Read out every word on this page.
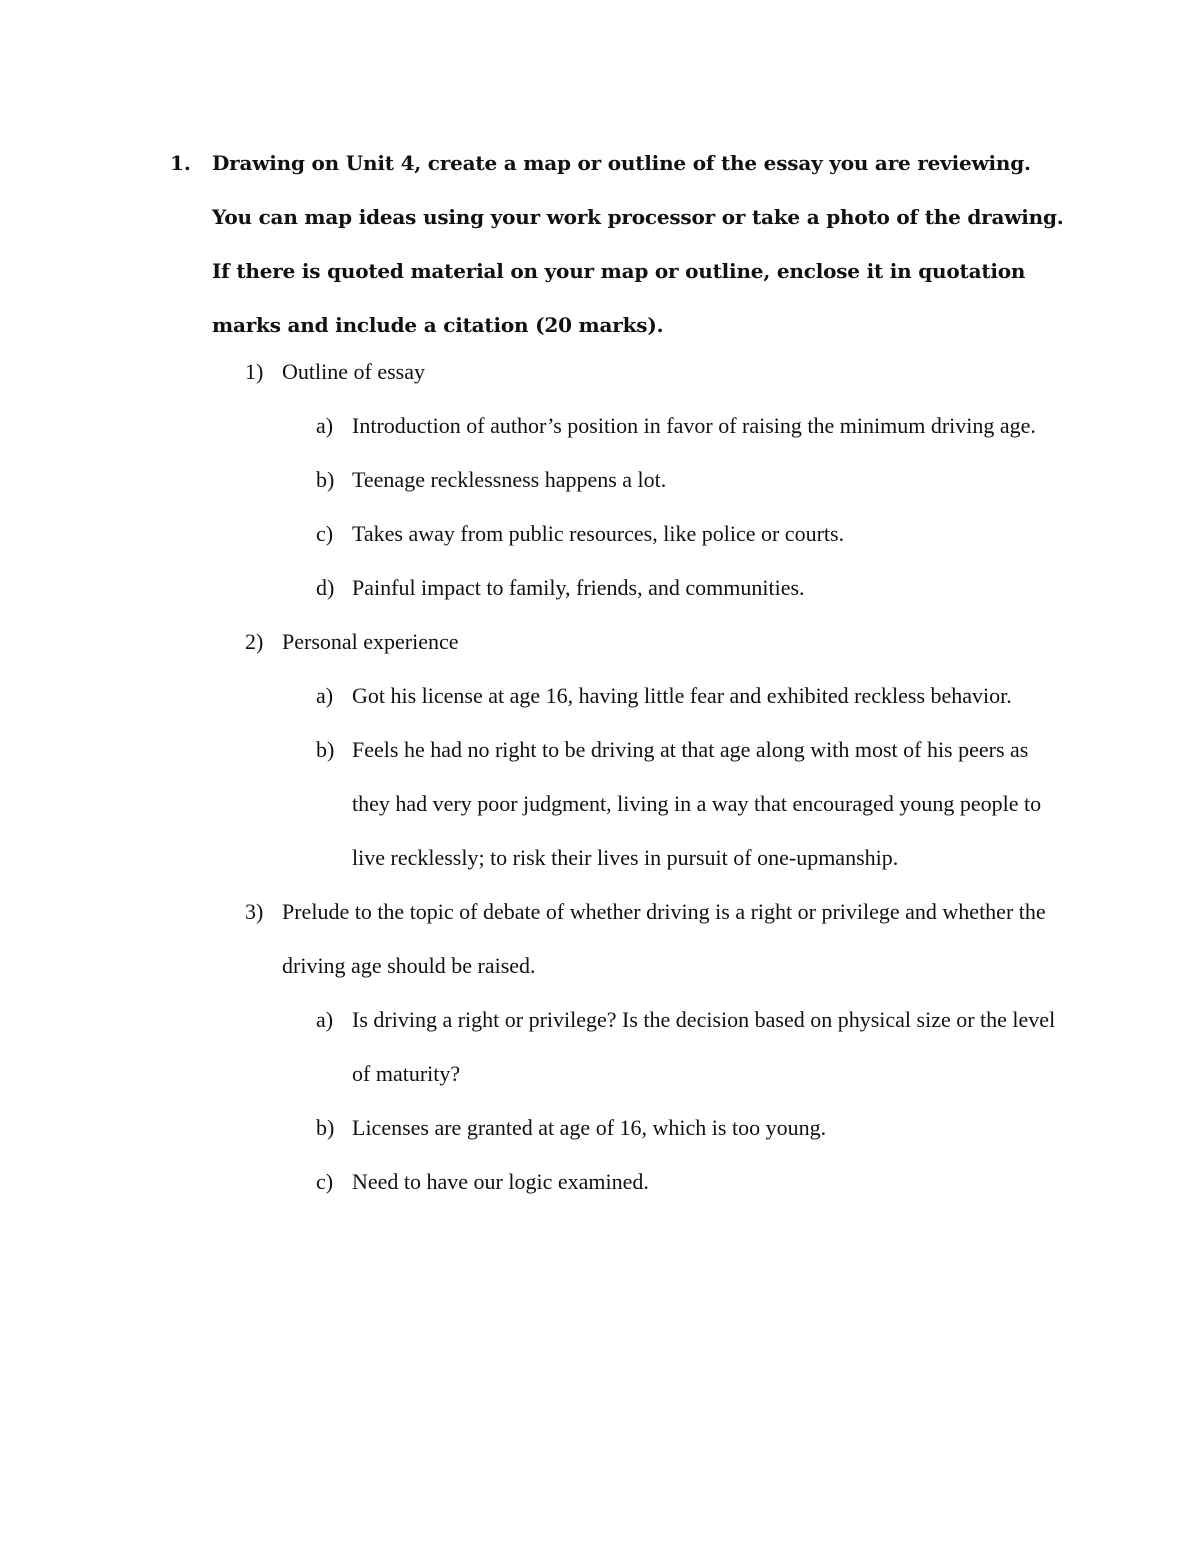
1. Drawing on Unit 4, create a map or outline of the essay you are reviewing. You can map ideas using your work processor or take a photo of the drawing. If there is quoted material on your map or outline, enclose it in quotation marks and include a citation (20 marks).
1) Outline of essay
a) Introduction of author’s position in favor of raising the minimum driving age.
b) Teenage recklessness happens a lot.
c) Takes away from public resources, like police or courts.
d) Painful impact to family, friends, and communities.
2) Personal experience
a) Got his license at age 16, having little fear and exhibited reckless behavior.
b) Feels he had no right to be driving at that age along with most of his peers as they had very poor judgment, living in a way that encouraged young people to live recklessly; to risk their lives in pursuit of one-upmanship.
3) Prelude to the topic of debate of whether driving is a right or privilege and whether the driving age should be raised.
a) Is driving a right or privilege? Is the decision based on physical size or the level of maturity?
b) Licenses are granted at age of 16, which is too young.
c) Need to have our logic examined.
